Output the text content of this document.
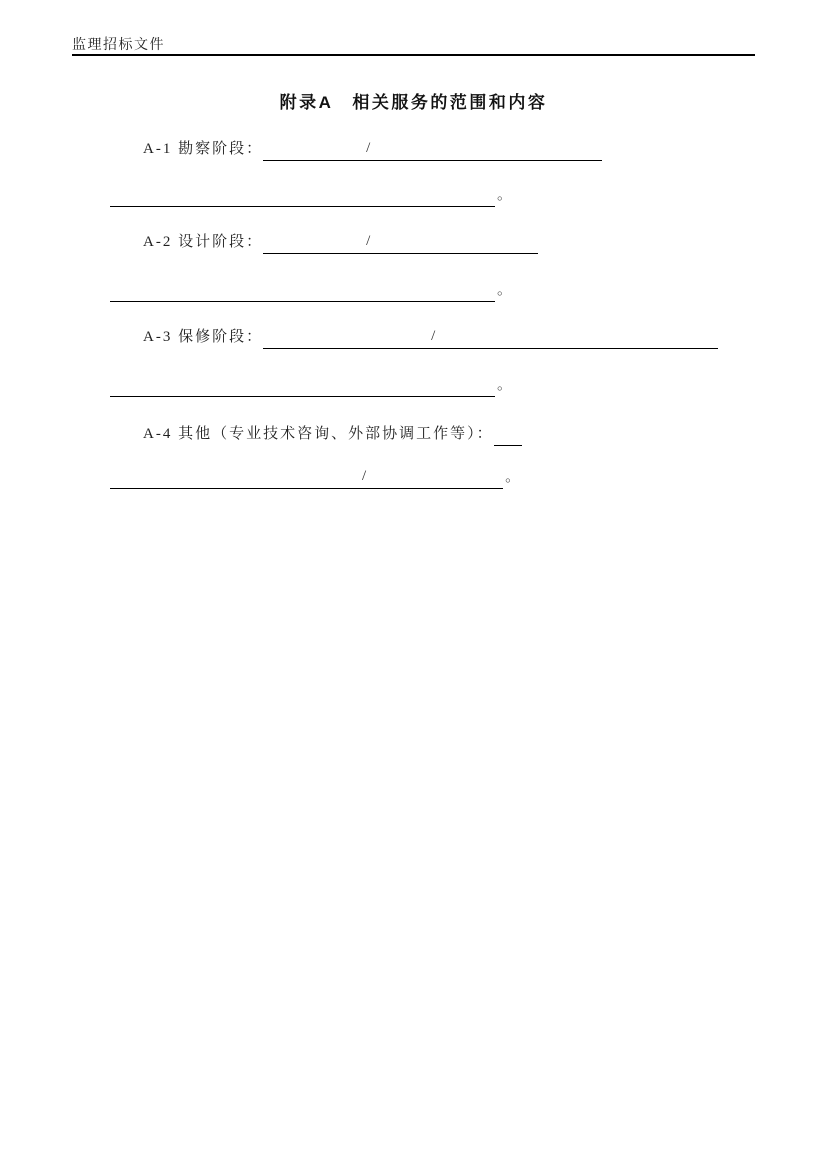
监理招标文件
附录A　相关服务的范围和内容
A-1 勘察阶段：	/
。
A-2 设计阶段：	/
。
A-3 保修阶段：	/
。
A-4 其他（专业技术咨询、外部协调工作等）：
/	。
